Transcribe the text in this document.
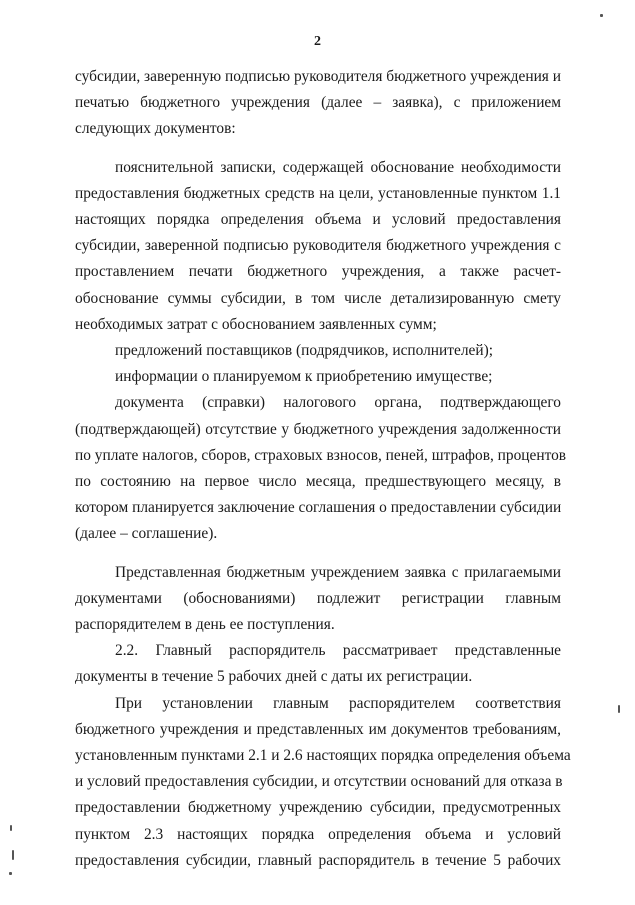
2

субсидии, заверенную подписью руководителя бюджетного учреждения и

печатью бюджетного учреждения (далее – заявка), с приложением

следующих документов:

пояснительной записки, содержащей обоснование необходимости

предоставления бюджетных средств на цели, установленные пунктом 1.1

настоящих порядка определения объема и условий предоставления

субсидии, заверенной подписью руководителя бюджетного учреждения с

проставлением печати бюджетного учреждения, а также расчет-

обоснование суммы субсидии, в том числе детализированную смету

необходимых затрат с обоснованием заявленных сумм;

предложений поставщиков (подрядчиков, исполнителей);

информации о планируемом к приобретению имуществе;

документа (справки) налогового органа, подтверждающего

(подтверждающей) отсутствие у бюджетного учреждения задолженности

по уплате налогов, сборов, страховых взносов, пеней, штрафов, процентов

по состоянию на первое число месяца, предшествующего месяцу, в

котором планируется заключение соглашения о предоставлении субсидии

(далее – соглашение).

Представленная бюджетным учреждением заявка с прилагаемыми

документами (обоснованиями) подлежит регистрации главным

распорядителем в день ее поступления.

2.2. Главный распорядитель рассматривает представленные

документы в течение 5 рабочих дней с даты их регистрации.

При установлении главным распорядителем соответствия

бюджетного учреждения и представленных им документов требованиям,

установленным пунктами 2.1 и 2.6 настоящих порядка определения объема

и условий предоставления субсидии, и отсутствии оснований для отказа в

предоставлении бюджетному учреждению субсидии, предусмотренных

пунктом 2.3 настоящих порядка определения объема и условий

предоставления субсидии, главный распорядитель в течение 5 рабочих
